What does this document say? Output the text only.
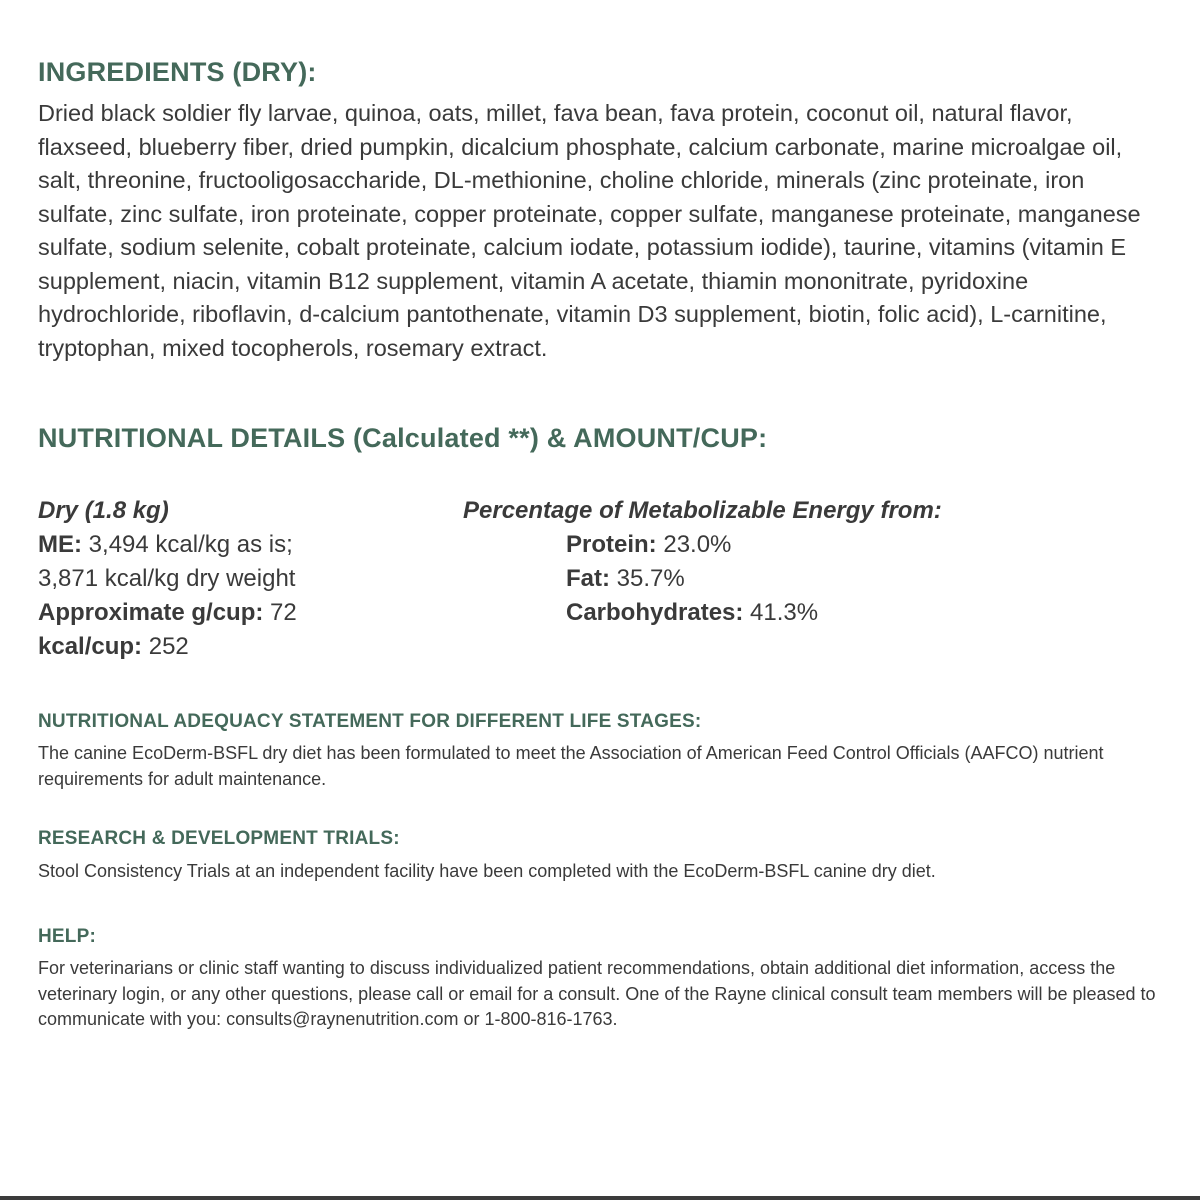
INGREDIENTS (DRY):

Dried black soldier fly larvae, quinoa, oats, millet, fava bean, fava protein, coconut oil, natural flavor, flaxseed, blueberry fiber, dried pumpkin, dicalcium phosphate, calcium carbonate, marine microalgae oil, salt, threonine, fructooligosaccharide, DL-methionine, choline chloride, minerals (zinc proteinate, iron sulfate, zinc sulfate, iron proteinate, copper proteinate, copper sulfate, manganese proteinate, manganese sulfate, sodium selenite, cobalt proteinate, calcium iodate, potassium iodide), taurine, vitamins (vitamin E supplement, niacin, vitamin B12 supplement, vitamin A acetate, thiamin mononitrate, pyridoxine hydrochloride, riboflavin, d-calcium pantothenate, vitamin D3 supplement, biotin, folic acid), L-carnitine, tryptophan, mixed tocopherols, rosemary extract.

NUTRITIONAL DETAILS (Calculated **) & AMOUNT/CUP:
Dry (1.8 kg)
ME: 3,494 kcal/kg as is;
3,871 kcal/kg dry weight
Approximate g/cup: 72
kcal/cup: 252
Percentage of Metabolizable Energy from:
Protein: 23.0%
Fat: 35.7%
Carbohydrates: 41.3%
NUTRITIONAL ADEQUACY STATEMENT FOR DIFFERENT LIFE STAGES:

The canine EcoDerm-BSFL dry diet has been formulated to meet the Association of American Feed Control Officials (AAFCO) nutrient requirements for adult maintenance.

RESEARCH & DEVELOPMENT TRIALS:

Stool Consistency Trials at an independent facility have been completed with the EcoDerm-BSFL canine dry diet.

HELP:

For veterinarians or clinic staff wanting to discuss individualized patient recommendations, obtain additional diet information, access the veterinary login, or any other questions, please call or email for a consult. One of the Rayne clinical consult team members will be pleased to communicate with you: consults@raynenutrition.com or 1-800-816-1763.
